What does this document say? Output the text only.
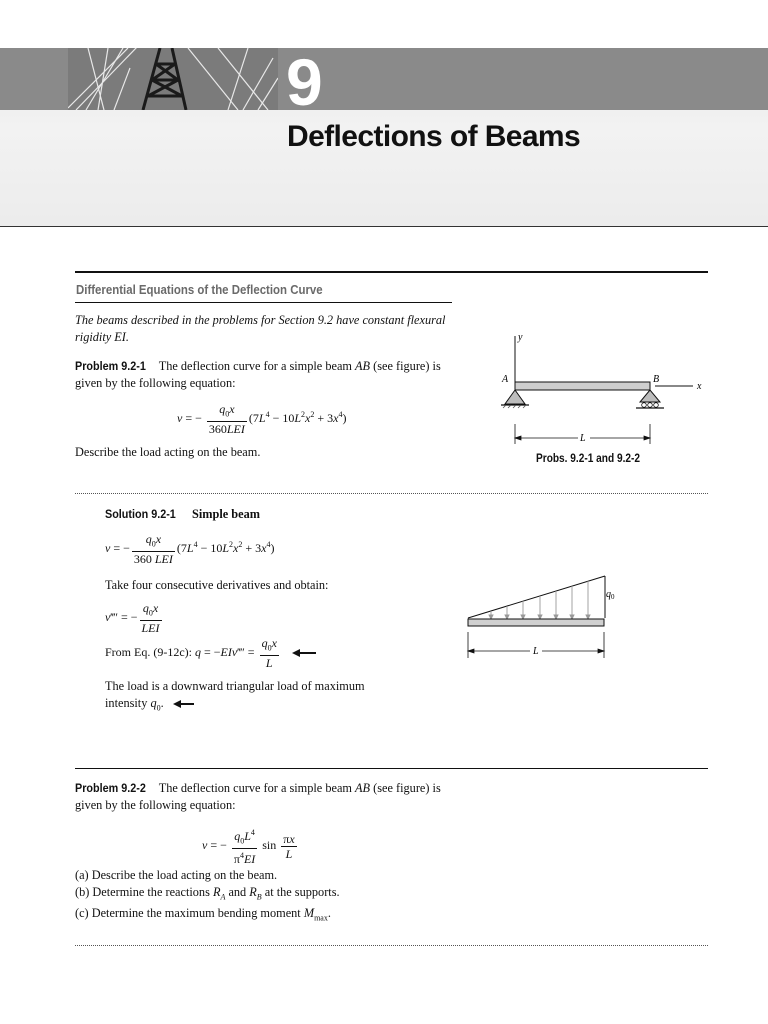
9
Deflections of Beams
Differential Equations of the Deflection Curve
The beams described in the problems for Section 9.2 have constant flexural rigidity EI.
Problem 9.2-1 The deflection curve for a simple beam AB (see figure) is given by the following equation:
v = − $\frac{q_0x}{\text{360LEI}} (7L^4 - 10L^2x^2 + 3x^4)$
Describe the load acting on the beam.
y
x
A	B
L
Probs. 9.2-1 and 9.2-2
Solution 9.2-1 Simple beam
v = − $\frac{q_0x}{\text{360 LEI}} (7L^4 - 10L^2x^2 + 3x^4)$
Take four consecutive derivatives and obtain:
v‴′ = − $\frac{q_0x}{\text{LEI}}$
From Eq. (9-12c): q = −EIv‴′ = $\frac{q_0x}{L}$

The load is a downward triangular load of maximum
intensity $q_0$.
$q_0$
L
Problem 9.2-2 The deflection curve for a simple beam AB (see figure) is given by the following equation:
v = − $\frac{q_0L^4}{\pi^4EI}$ $\sin \frac{\pi x}{L}$
(a) Describe the load acting on the beam.
(b) Determine the reactions $R_A$ and $R_B$ at the supports.
(c) Determine the maximum bending moment $M_{max}$.
